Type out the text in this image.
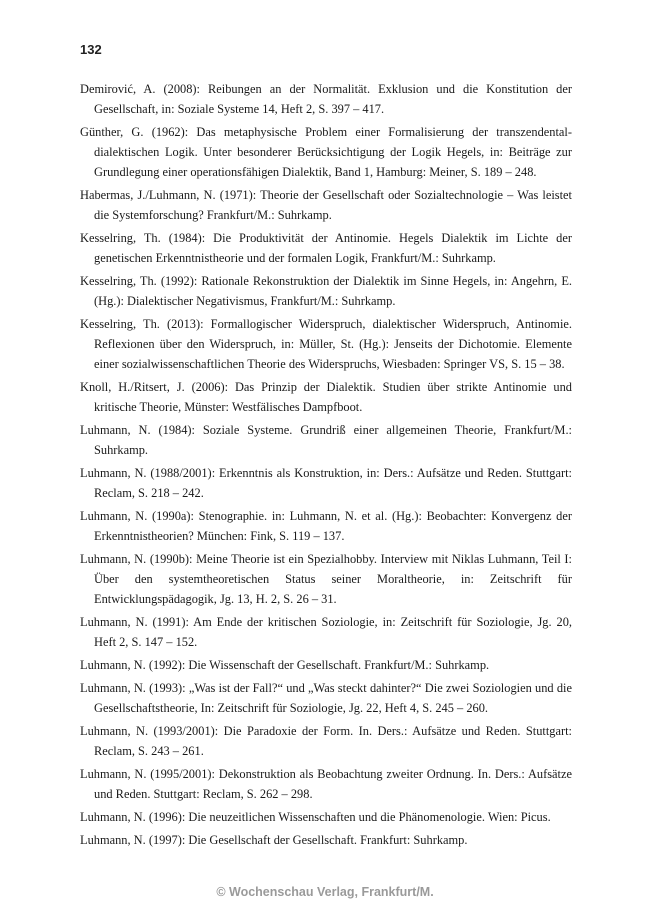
132
Demirović, A. (2008): Reibungen an der Normalität. Exklusion und die Konstitution der Gesellschaft, in: Soziale Systeme 14, Heft 2, S. 397 – 417.
Günther, G. (1962): Das metaphysische Problem einer Formalisierung der transzendental-dialektischen Logik. Unter besonderer Berücksichtigung der Logik Hegels, in: Beiträge zur Grundlegung einer operationsfähigen Dialektik, Band 1, Hamburg: Meiner, S. 189 – 248.
Habermas, J./Luhmann, N. (1971): Theorie der Gesellschaft oder Sozialtechnologie – Was leistet die Systemforschung? Frankfurt/M.: Suhrkamp.
Kesselring, Th. (1984): Die Produktivität der Antinomie. Hegels Dialektik im Lichte der genetischen Erkenntnistheorie und der formalen Logik, Frankfurt/M.: Suhrkamp.
Kesselring, Th. (1992): Rationale Rekonstruktion der Dialektik im Sinne Hegels, in: Angehrn, E. (Hg.): Dialektischer Negativismus, Frankfurt/M.: Suhrkamp.
Kesselring, Th. (2013): Formallogischer Widerspruch, dialektischer Widerspruch, Antinomie. Reflexionen über den Widerspruch, in: Müller, St. (Hg.): Jenseits der Dichotomie. Elemente einer sozialwissenschaftlichen Theorie des Widerspruchs, Wiesbaden: Springer VS, S. 15 – 38.
Knoll, H./Ritsert, J. (2006): Das Prinzip der Dialektik. Studien über strikte Antinomie und kritische Theorie, Münster: Westfälisches Dampfboot.
Luhmann, N. (1984): Soziale Systeme. Grundriß einer allgemeinen Theorie, Frankfurt/M.: Suhrkamp.
Luhmann, N. (1988/2001): Erkenntnis als Konstruktion, in: Ders.: Aufsätze und Reden. Stuttgart: Reclam, S. 218 – 242.
Luhmann, N. (1990a): Stenographie. in: Luhmann, N. et al. (Hg.): Beobachter: Konvergenz der Erkenntnistheorien? München: Fink, S. 119 – 137.
Luhmann, N. (1990b): Meine Theorie ist ein Spezialhobby. Interview mit Niklas Luhmann, Teil I: Über den systemtheoretischen Status seiner Moraltheorie, in: Zeitschrift für Entwicklungspädagogik, Jg. 13, H. 2, S. 26 – 31.
Luhmann, N. (1991): Am Ende der kritischen Soziologie, in: Zeitschrift für Soziologie, Jg. 20, Heft 2, S. 147 – 152.
Luhmann, N. (1992): Die Wissenschaft der Gesellschaft. Frankfurt/M.: Suhrkamp.
Luhmann, N. (1993): „Was ist der Fall?“ und „Was steckt dahinter?“ Die zwei Soziologien und die Gesellschaftstheorie, In: Zeitschrift für Soziologie, Jg. 22, Heft 4, S. 245 – 260.
Luhmann, N. (1993/2001): Die Paradoxie der Form. In. Ders.: Aufsätze und Reden. Stuttgart: Reclam, S. 243 – 261.
Luhmann, N. (1995/2001): Dekonstruktion als Beobachtung zweiter Ordnung. In. Ders.: Aufsätze und Reden. Stuttgart: Reclam, S. 262 – 298.
Luhmann, N. (1996): Die neuzeitlichen Wissenschaften und die Phänomenologie. Wien: Picus.
Luhmann, N. (1997): Die Gesellschaft der Gesellschaft. Frankfurt: Suhrkamp.
© Wochenschau Verlag, Frankfurt/M.
